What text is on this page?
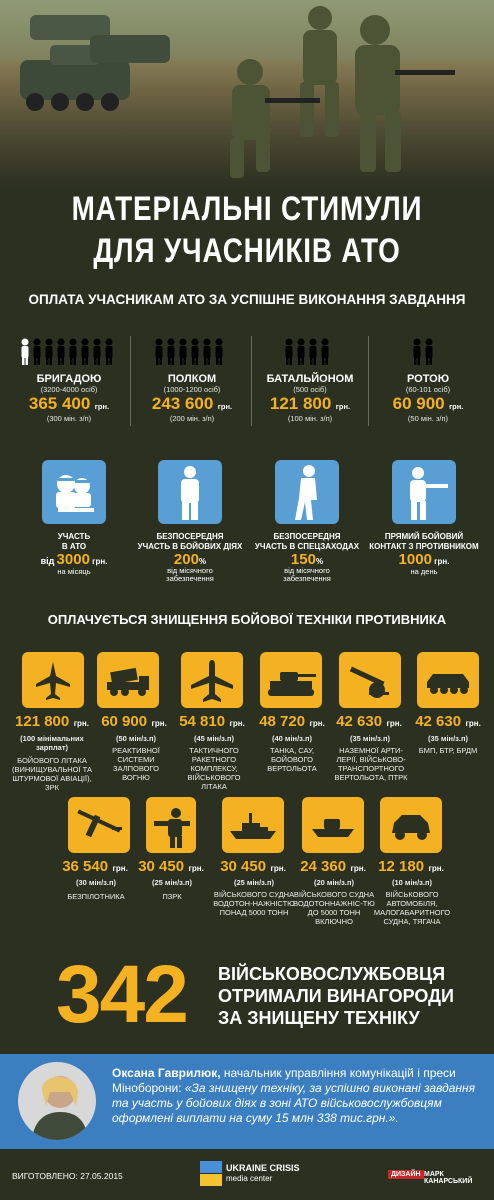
МАТЕРІАЛЬНІ СТИМУЛИ
ДЛЯ УЧАСНИКІВ АТО
ОПЛАТА УЧАСНИКАМ АТО ЗА УСПІШНЕ ВИКОНАННЯ ЗАВДАННЯ
БРИГАДОЮ
(3200-4000 осіб)
365 400 грн.
(300 мін. з/п)
ПОЛКОМ
(1000-1200 осіб)
243 600 грн.
(200 мін. з/п)
БАТАЛЬЙОНОМ
(500 осіб)
121 800 грн.
(100 мін. з/п)
РОТОЮ
(60-101 осіб)
60 900 грн.
(50 мін. з/п)
УЧАСТЬ
В АТО
від 3000 грн.
на місяць
БЕЗПОСЕРЕДНЯ
УЧАСТЬ В БОЙОВИХ ДІЯХ
200%
від місячного
забезпечення
БЕЗПОСЕРЕДНЯ
УЧАСТЬ В СПЕЦЗАХОДАХ
150%
від місячного
забезпечення
ПРЯМИЙ БОЙОВИЙ
КОНТАКТ З ПРОТИВНИКОМ
1000 грн.
на день
ОПЛАЧУЄТЬСЯ ЗНИЩЕННЯ БОЙОВОЇ ТЕХНІКИ ПРОТИВНИКА
121 800 грн. 60 900 грн. 54 810 грн. 48 720 грн. 42 630 грн. 42 630 грн.
(100 мінімальних зарплат)
(50 мін/з.п)	(45 мін/з.п)	(40 мін/з.п)	(35 мін/з.п)	(35 мін/з.п)
БОЙОВОГО ЛІТАКА (ВИНИЩУВАЛЬНОЇ ТА ШТУРМОВОЇ АВІАЦІЇ), ЗРК
РЕАКТИВНОЇ СИСТЕМИ ЗАЛПОВОГО ВОГНЮ
ТАКТИЧНОГО РАКЕТНОГО КОМПЛЕКСУ, ВІЙСЬКОВОГО ЛІТАКА
ТАНКА, САУ, БОЙОВОГО ВЕРТОЛЬОТА
НАЗЕМНОЇ АРТИ-ЛЕРІЇ, ВІЙСЬКОВО-ТРАНСПОРТНОГО ВЕРТОЛЬОТА, ПТРК
БМП, БТР, БРДМ
36 540 грн. 30 450 грн.	30 450 грн. 24 360 грн. 12 180 грн.
(30 мін/з.п)	(25 мін/з.п)	(25 мін/з.п)	(20 мін/з.п)	(10 мін/з.п)
БЕЗПІЛОТНИКА	ПЗРК	ВІЙСЬКОВОГО СУДНА ВОДОТОН-НАЖНІСТЮ ПОНАД 5000 ТОНН
ВІЙСЬКОВОГО СУДНА ВОДОТОННАЖНІС-ТЮ ДО 5000 ТОНН ВКЛЮЧНО
ВІЙСЬКОВОГО АВТОМОБІЛЯ, МАЛОГАБАРИТНОГО СУДНА, ТЯГАЧА
342 ВІЙСЬКОВОСЛУЖБОВЦЯ
ОТРИМАЛИ ВИНАГОРОДИ
ЗА ЗНИЩЕНУ ТЕХНІКУ
Оксана Гаврилюк, начальник управління комунікацій і преси
Міноборони: «За знищену техніку, за успішно виконані завдання
та участь у бойових діях в зоні АТО військовослужбовцям
оформлені виплати на суму 15 млн 338 тис.грн.».
ВИГОТОВЛЕНО: 27.05.2015
UKRAINE CRISIS
media center	ДИЗАЙН МАРК КАНАРСЬКИЙ
